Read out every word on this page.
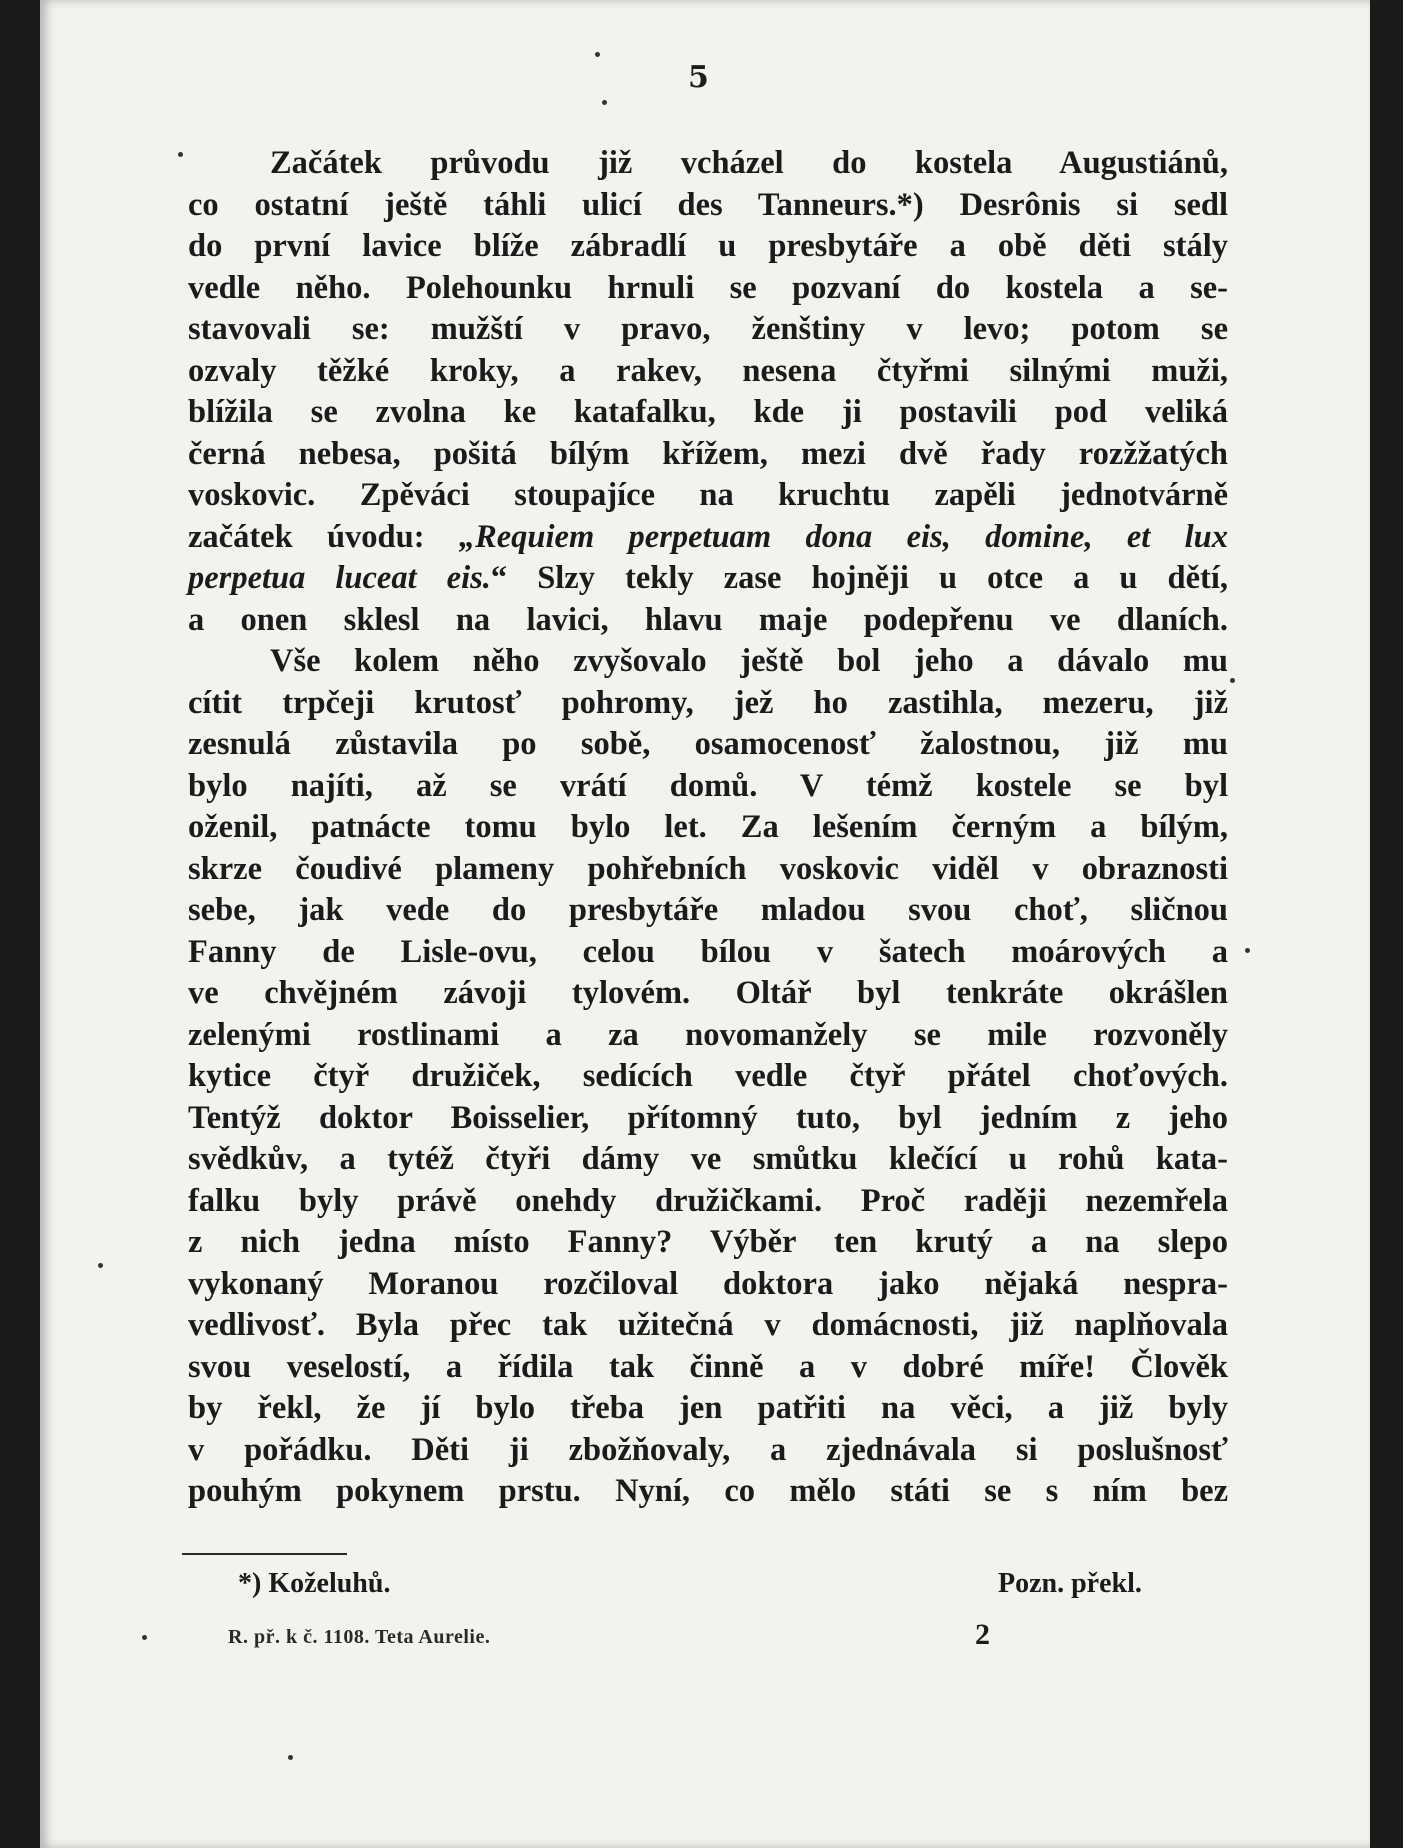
5
Začátek průvodu již vcházel do kostela Augustiánů,
co ostatní ještě táhli ulicí des Tanneurs.*) Desrônis si sedl
do první lavice blíže zábradlí u presbytáře a obě děti stály
vedle něho. Polehounku hrnuli se pozvaní do kostela a se-
stavovali se: mužští v pravo, ženštiny v levo; potom se
ozvaly těžké kroky, a rakev, nesena čtyřmi silnými muži,
blížila se zvolna ke katafalku, kde ji postavili pod veliká
černá nebesa, pošitá bílým křížem, mezi dvě řady rozžžatých
voskovic. Zpěváci stoupajíce na kruchtu zapěli jednotvárně
začátek úvodu: „Requiem perpetuam dona eis, domine, et lux
perpetua luceat eis.“ Slzy tekly zase hojněji u otce a u dětí,
a onen sklesl na lavici, hlavu maje podepřenu ve dlaních.
Vše kolem něho zvyšovalo ještě bol jeho a dávalo mu
cítit trpčeji krutosť pohromy, jež ho zastihla, mezeru, již
zesnulá zůstavila po sobě, osamocenosť žalostnou, již mu
bylo najíti, až se vrátí domů. V témž kostele se byl
oženil, patnácte tomu bylo let. Za lešením černým a bílým,
skrze čoudivé plameny pohřebních voskovic viděl v obraznosti
sebe, jak vede do presbytáře mladou svou choť, sličnou
Fanny de Lisle-ovu, celou bílou v šatech moárových a
ve chvějném závoji tylovém. Oltář byl tenkráte okrášlen
zelenými rostlinami a za novomanžely se mile rozvoněly
kytice čtyř družiček, sedících vedle čtyř přátel choťových.
Tentýž doktor Boisselier, přítomný tuto, byl jedním z jeho
svědkův, a tytéž čtyři dámy ve smůtku klečící u rohů kata-
falku byly právě onehdy družičkami. Proč raději nezemřela
z nich jedna místo Fanny? Výběr ten krutý a na slepo
vykonaný Moranou rozčiloval doktora jako nějaká nespra-
vedlivosť. Byla přec tak užitečná v domácnosti, již naplňovala
svou veselostí, a řídila tak činně a v dobré míře! Člověk
by řekl, že jí bylo třeba jen patřiti na věci, a již byly
v pořádku. Děti ji zbožňovaly, a zjednávala si poslušnosť
pouhým pokynem prstu. Nyní, co mělo státi se s ním bez
*) Koželuhů.	Pozn. překl.
R. př. k č. 1108. Teta Aurelie.	2
